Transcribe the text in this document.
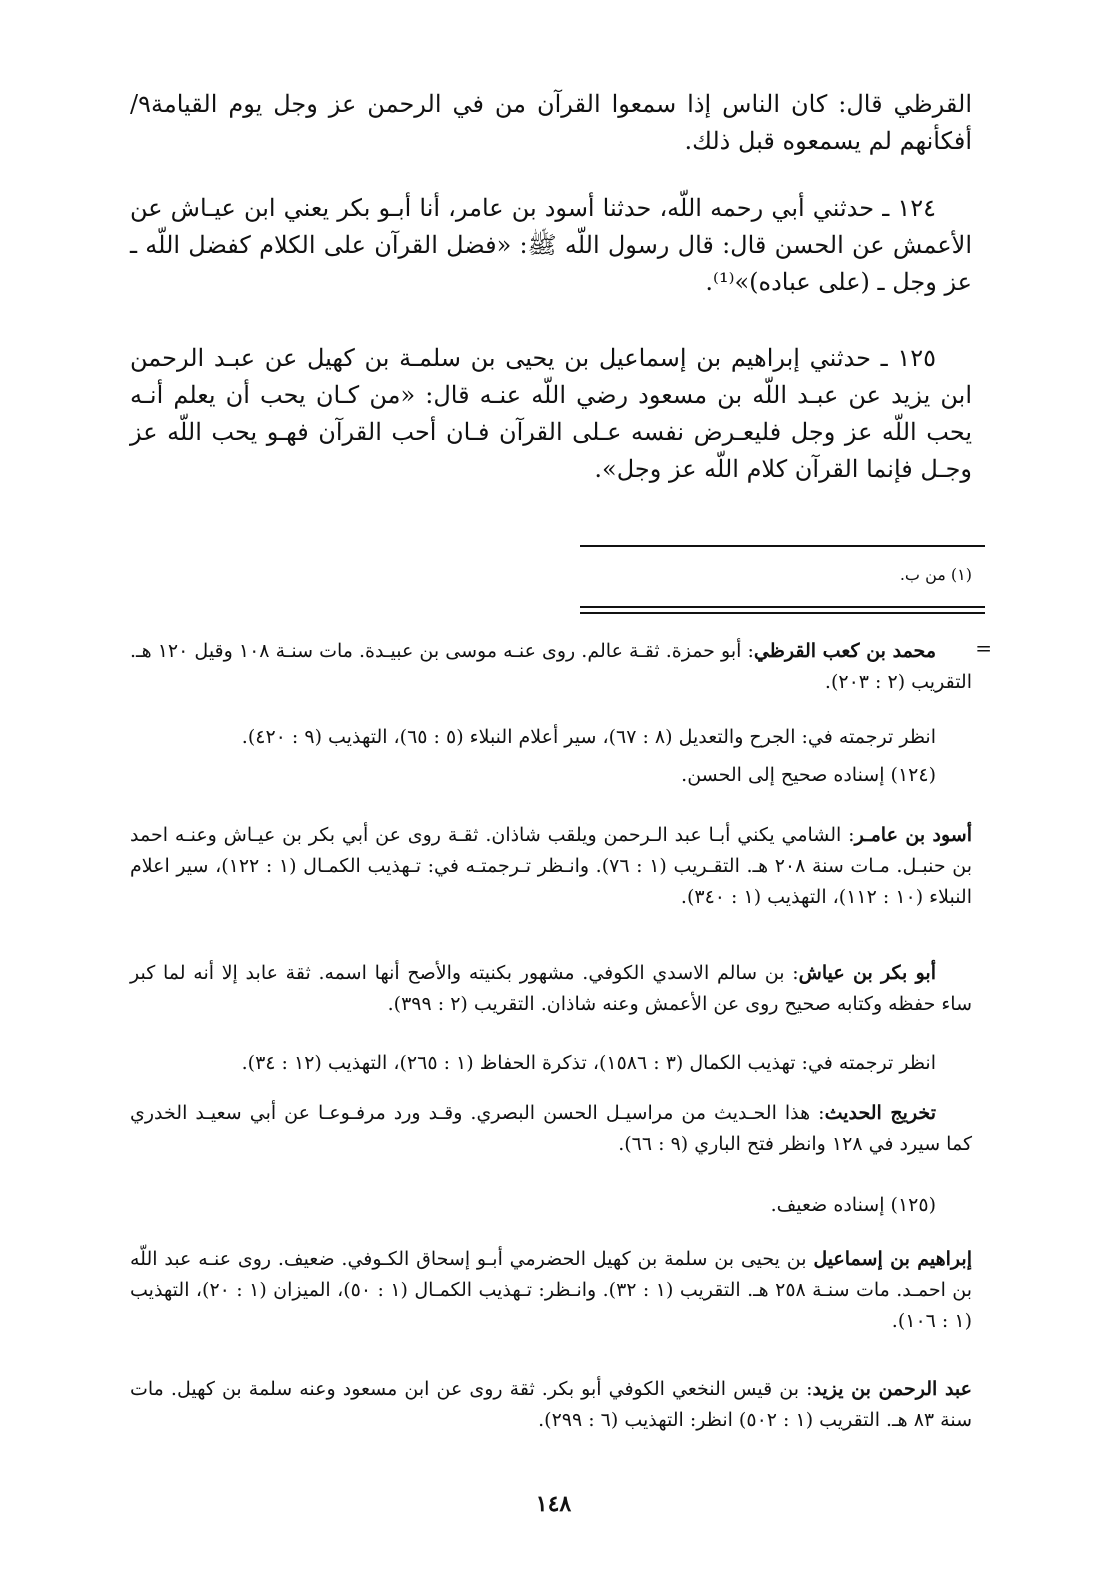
القرظي قال: كان الناس إذا سمعوا القرآن من في الرحمن عز وجل يوم القيامة٩/أفكأنهم لم يسمعوه قبل ذلك.
١٢٤ ـ حدثني أبي رحمه اللّه، حدثنا أسود بن عامر، أنا أبـو بكر يعني ابن عيـاش عن الأعمش عن الحسن قال: قال رسول اللّه ﷺ: «فضل القرآن على الكلام كفضل اللّه ـ عز وجل ـ (على عباده)»⁽¹⁾.
١٢٥ ـ حدثني إبراهيم بن إسماعيل بن يحيى بن سلمـة بن كهيل عن عبـد الرحمن ابن يزيد عن عبـد اللّه بن مسعود رضي اللّه عنـه قال: «من كـان يحب أن يعلم أنـه يحب اللّه عز وجل فليعـرض نفسه عـلى القرآن فـان أحب القرآن فهـو يحب اللّه عز وجـل فإنما القرآن كلام اللّه عز وجل».
(١) من ب.
=
محمد بن كعب القرظي: أبو حمزة. ثقـة عالم. روى عنـه موسى بن عبيـدة. مات سنـة ١٠٨ وقيل ١٢٠ هـ. التقريب (٢ : ٢٠٣).
انظر ترجمته في: الجرح والتعديل (٨ : ٦٧)، سير أعلام النبلاء (٥ : ٦٥)، التهذيب (٩ : ٤٢٠).
(١٢٤) إسناده صحيح إلى الحسن.
أسود بن عامـر: الشامي يكني أبـا عبد الـرحمن ويلقب شاذان. ثقـة روى عن أبي بكر بن عيـاش وعنـه احمد بن حنبـل. مـات سنة ٢٠٨ هـ. التقـريب (١ : ٧٦). وانـظر تـرجمتـه في: تـهذيب الكمـال (١ : ١٢٢)، سير اعلام النبلاء (١٠ : ١١٢)، التهذيب (١ : ٣٤٠).
أبو بكر بن عياش: بن سالم الاسدي الكوفي. مشهور بكنيته والأصح أنها اسمه. ثقة عابد إلا أنه لما كبر ساء حفظه وكتابه صحيح روى عن الأعمش وعنه شاذان. التقريب (٢ : ٣٩٩).
انظر ترجمته في: تهذيب الكمال (٣ : ١٥٨٦)، تذكرة الحفاظ (١ : ٢٦٥)، التهذيب (١٢ : ٣٤).
تخريج الحديث: هذا الحـديث من مراسيـل الحسن البصري. وقـد ورد مرفـوعـا عن أبي سعيـد الخدري كما سيرد في ١٢٨ وانظر فتح الباري (٩ : ٦٦).
(١٢٥) إسناده ضعيف.
إبراهيم بن إسماعيل بن يحيى بن سلمة بن كهيل الحضرمي أبـو إسحاق الكـوفي. ضعيف. روى عنـه عبد اللّه بن احمـد. مات سنـة ٢٥٨ هـ. التقريب (١ : ٣٢). وانـظر: تـهذيب الكمـال (١ : ٥٠)، الميزان (١ : ٢٠)، التهذيب (١ : ١٠٦).
عبد الرحمن بن يزيد: بن قيس النخعي الكوفي أبو بكر. ثقة روى عن ابن مسعود وعنه سلمة بن كهيل. مات سنة ٨٣ هـ. التقريب (١ : ٥٠٢) انظر: التهذيب (٦ : ٢٩٩).
١٤٨
